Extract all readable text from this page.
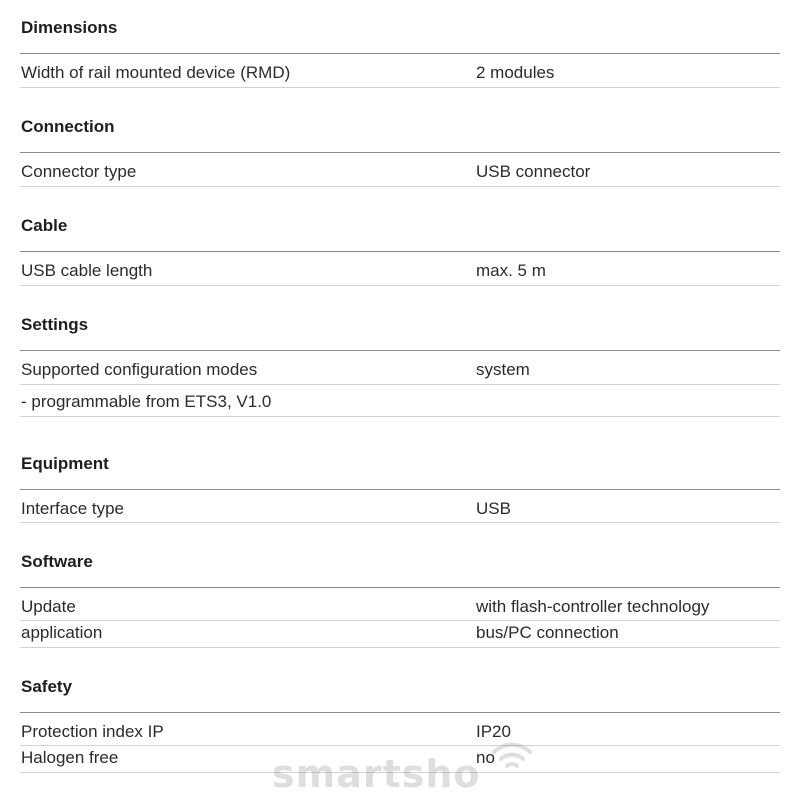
Dimensions
Width of rail mounted device (RMD)	2 modules
Connection
Connector type	USB connector
Cable
USB cable length	max. 5 m
Settings
Supported configuration modes	system
- programmable from ETS3, V1.0
Equipment
Interface type	USB
Software
Update	with flash-controller technology
application	bus/PC connection
Safety
Protection index IP	IP20
Halogen free	no
smartsho
